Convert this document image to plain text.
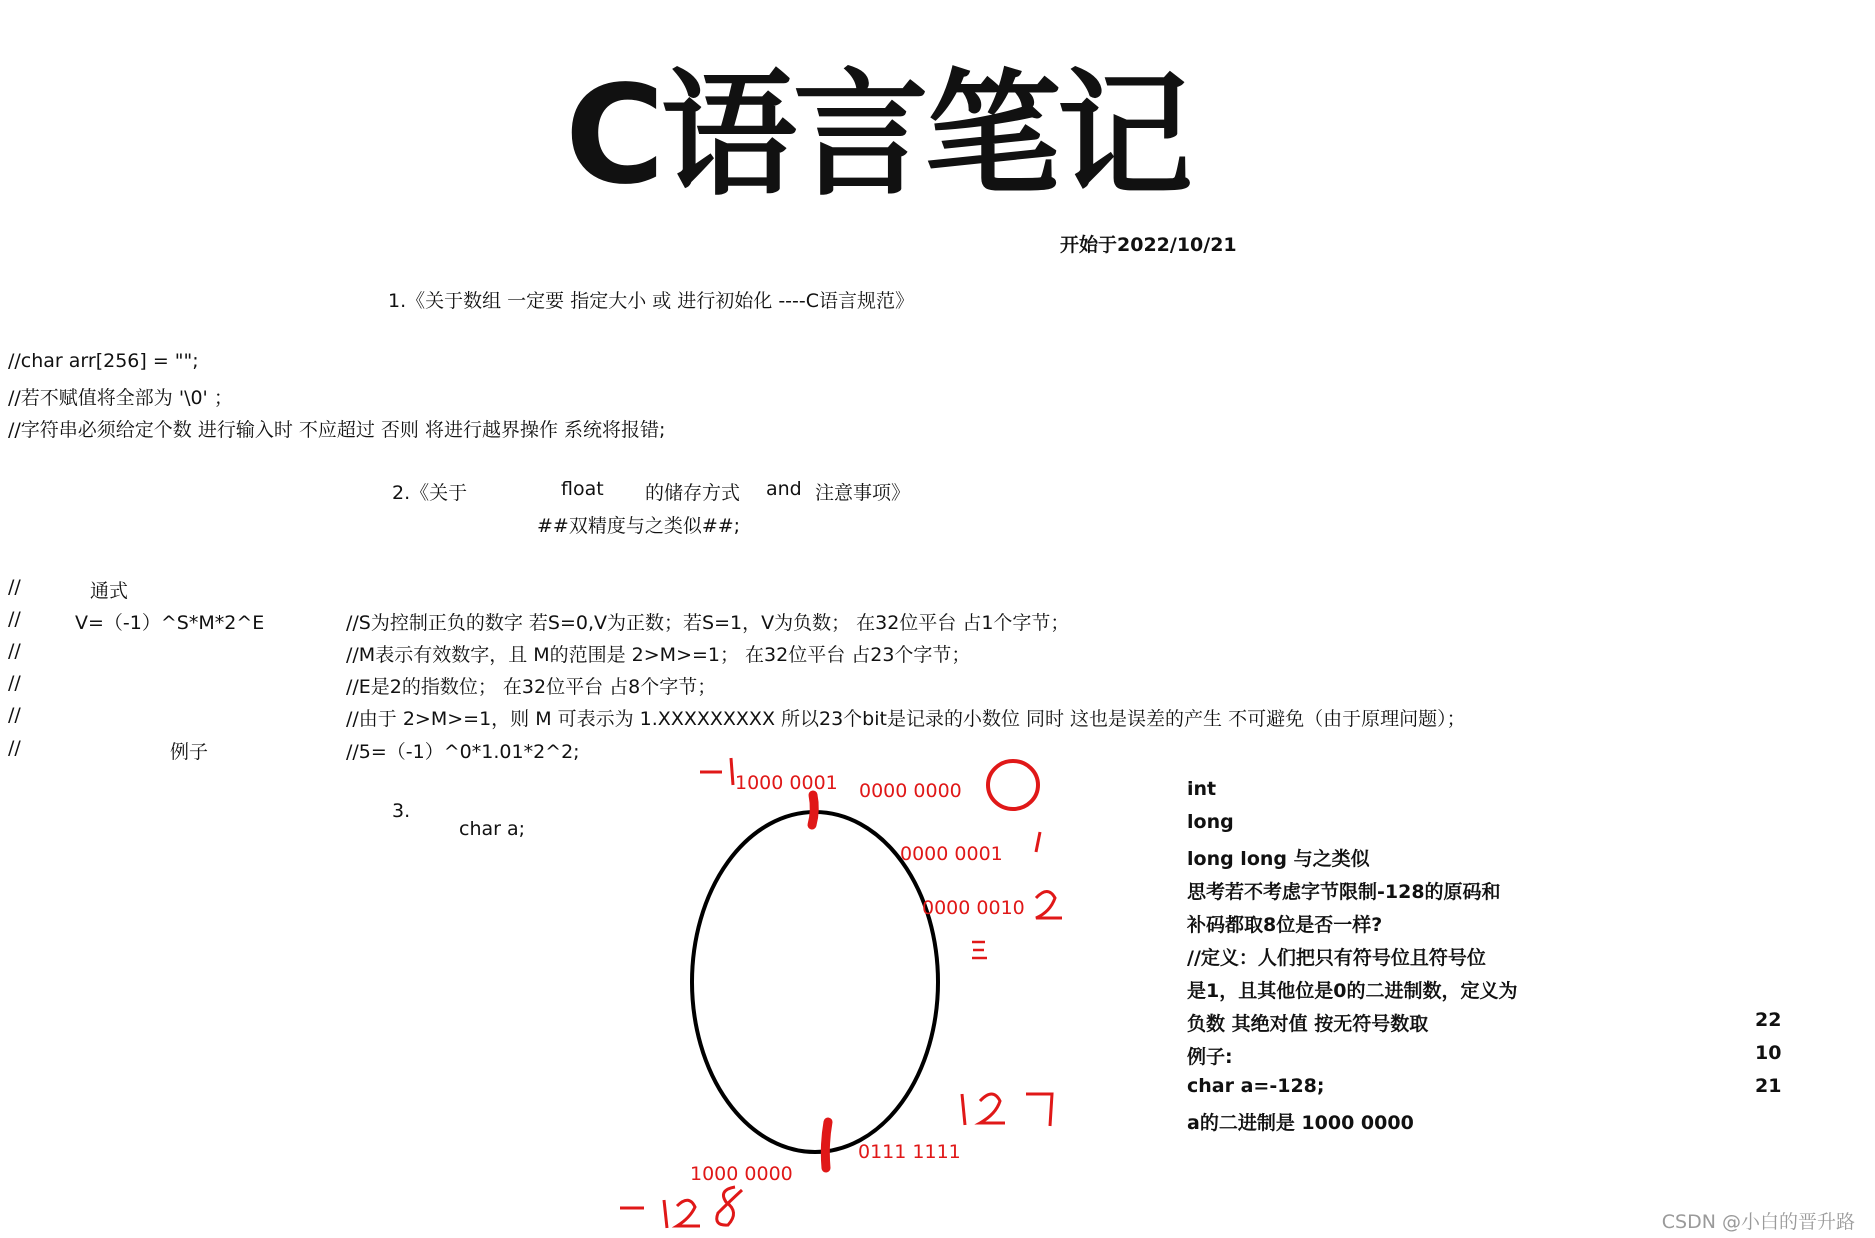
C语言笔记
开始于2022/10/21
1.《关于数组 一定要 指定大小 或 进行初始化 ----C语言规范》
//char arr[256] = "";
//若不赋值将全部为 '\0' ；
//字符串必须给定个数 进行输入时 不应超过 否则 将进行越界操作 系统将报错;
2.《关于	float 的储存方式 and 注意事项》
##双精度与之类似##;
//	通式
//	V=（-1）^S*M*2^E	//S为控制正负的数字 若S=0,V为正数；若S=1，V为负数； 在32位平台 占1个字节；
//	//M表示有效数字，且 M的范围是 2>M>=1； 在32位平台 占23个字节；
//	//E是2的指数位； 在32位平台 占8个字节；
//	//由于 2>M>=1，则 M 可表示为 1.XXXXXXXXX 所以23个bit是记录的小数位 同时 这也是误差的产生 不可避免（由于原理问题）；
//	例子	//5=（-1）^0*1.01*2^2;
3.
char a;
1000 0001 0000 0000
0000 0001
0000 0010
0111 1111
1000 0000
int
long
long long 与之类似
思考若不考虑字节限制-128的原码和
补码都取8位是否一样?
//定义：人们把只有符号位且符号位
是1，且其他位是0的二进制数，定义为
负数 其绝对值 按无符号数取
例子:
char a=-128;
a的二进制是 1000 0000
22
10
21
CSDN @小白的晋升路
